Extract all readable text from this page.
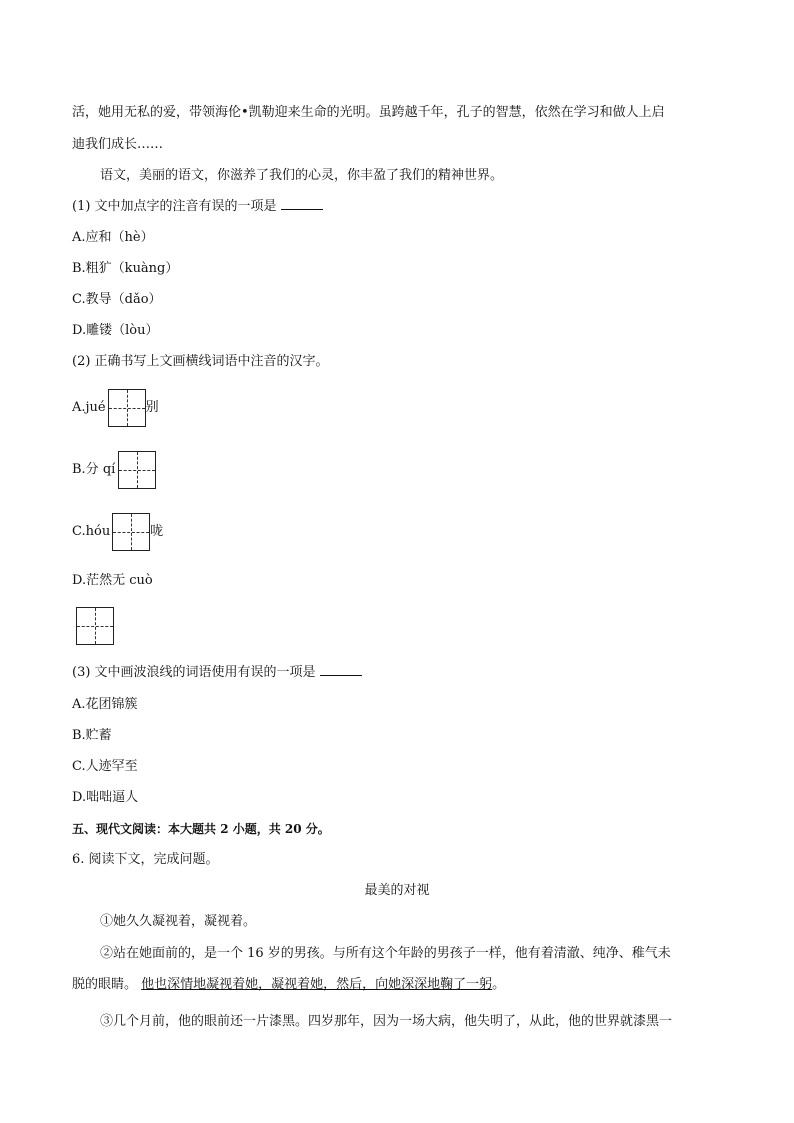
活，她用无私的爱，带领海伦•凯勒迎来生命的光明。虽跨越千年，孔子的智慧，依然在学习和做人上启
迪我们成长……
语文，美丽的语文，你滋养了我们的心灵，你丰盈了我们的精神世界。
(1) 文中加点字的注音有误的一项是
A.应和（hè）
B.粗犷（kuàng）
C.教导（dǎo）
D.雕镂（lòu）
(2) 正确书写上文画横线词语中注音的汉字。
A.jué	别
B.分 qí
C.hóu	咙
D.茫然无 cuò
(3) 文中画波浪线的词语使用有误的一项是
A.花团锦簇
B.贮蓄
C.人迹罕至
D.咄咄逼人
五、现代文阅读：本大题共 2 小题，共 20 分。
6. 阅读下文，完成问题。
最美的对视
①她久久凝视着，凝视着。
②站在她面前的，是一个 16 岁的男孩。与所有这个年龄的男孩子一样，他有着清澈、纯净、稚气未
脱的眼睛。 他也深情地凝视着她，凝视着她，然后，向她深深地鞠了一躬。
③几个月前，他的眼前还一片漆黑。四岁那年，因为一场大病，他失明了，从此，他的世界就漆黑一
